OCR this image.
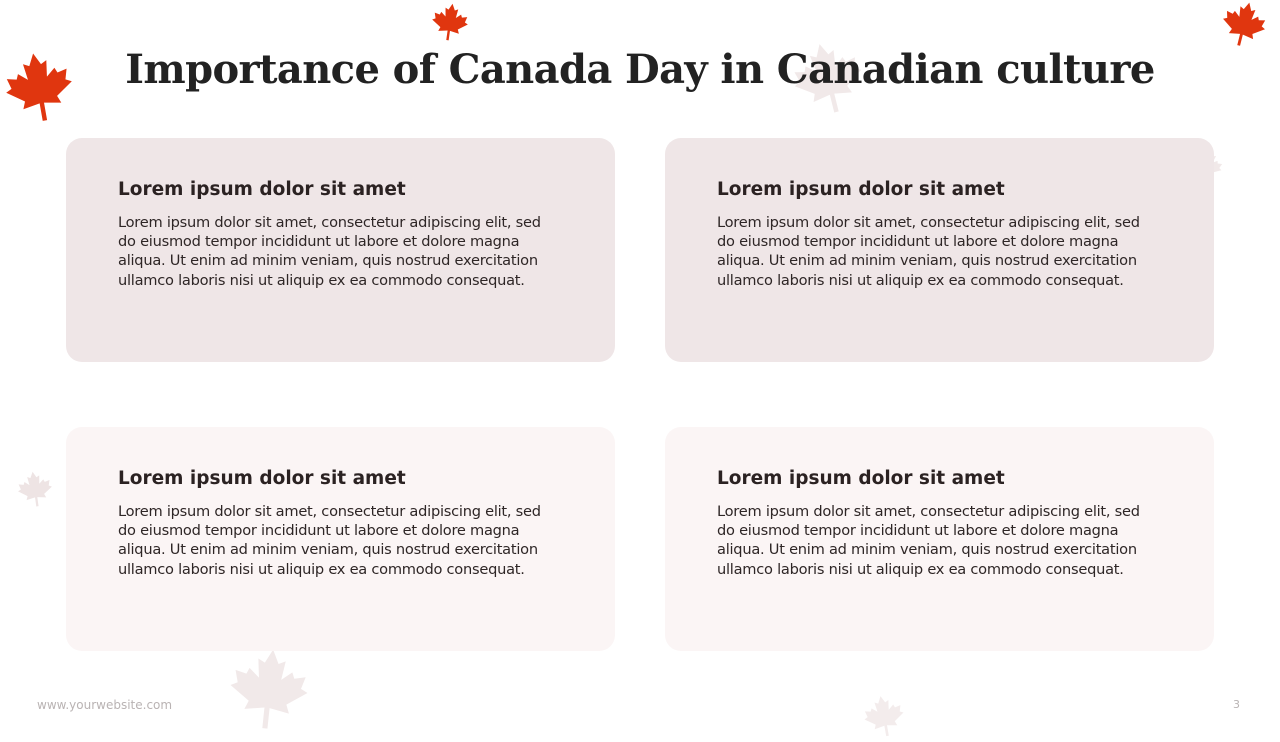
Importance of Canada Day in Canadian culture
Lorem ipsum dolor sit amet

Lorem ipsum dolor sit amet, consectetur adipiscing elit, sed do eiusmod tempor incididunt ut labore et dolore magna aliqua. Ut enim ad minim veniam, quis nostrud exercitation ullamco laboris nisi ut aliquip ex ea commodo consequat.

Lorem ipsum dolor sit amet

Lorem ipsum dolor sit amet, consectetur adipiscing elit, sed do eiusmod tempor incididunt ut labore et dolore magna aliqua. Ut enim ad minim veniam, quis nostrud exercitation ullamco laboris nisi ut aliquip ex ea commodo consequat.

Lorem ipsum dolor sit amet

Lorem ipsum dolor sit amet, consectetur adipiscing elit, sed do eiusmod tempor incididunt ut labore et dolore magna aliqua. Ut enim ad minim veniam, quis nostrud exercitation ullamco laboris nisi ut aliquip ex ea commodo consequat.

Lorem ipsum dolor sit amet

Lorem ipsum dolor sit amet, consectetur adipiscing elit, sed do eiusmod tempor incididunt ut labore et dolore magna aliqua. Ut enim ad minim veniam, quis nostrud exercitation ullamco laboris nisi ut aliquip ex ea commodo consequat.

www.yourwebsite.com	3
